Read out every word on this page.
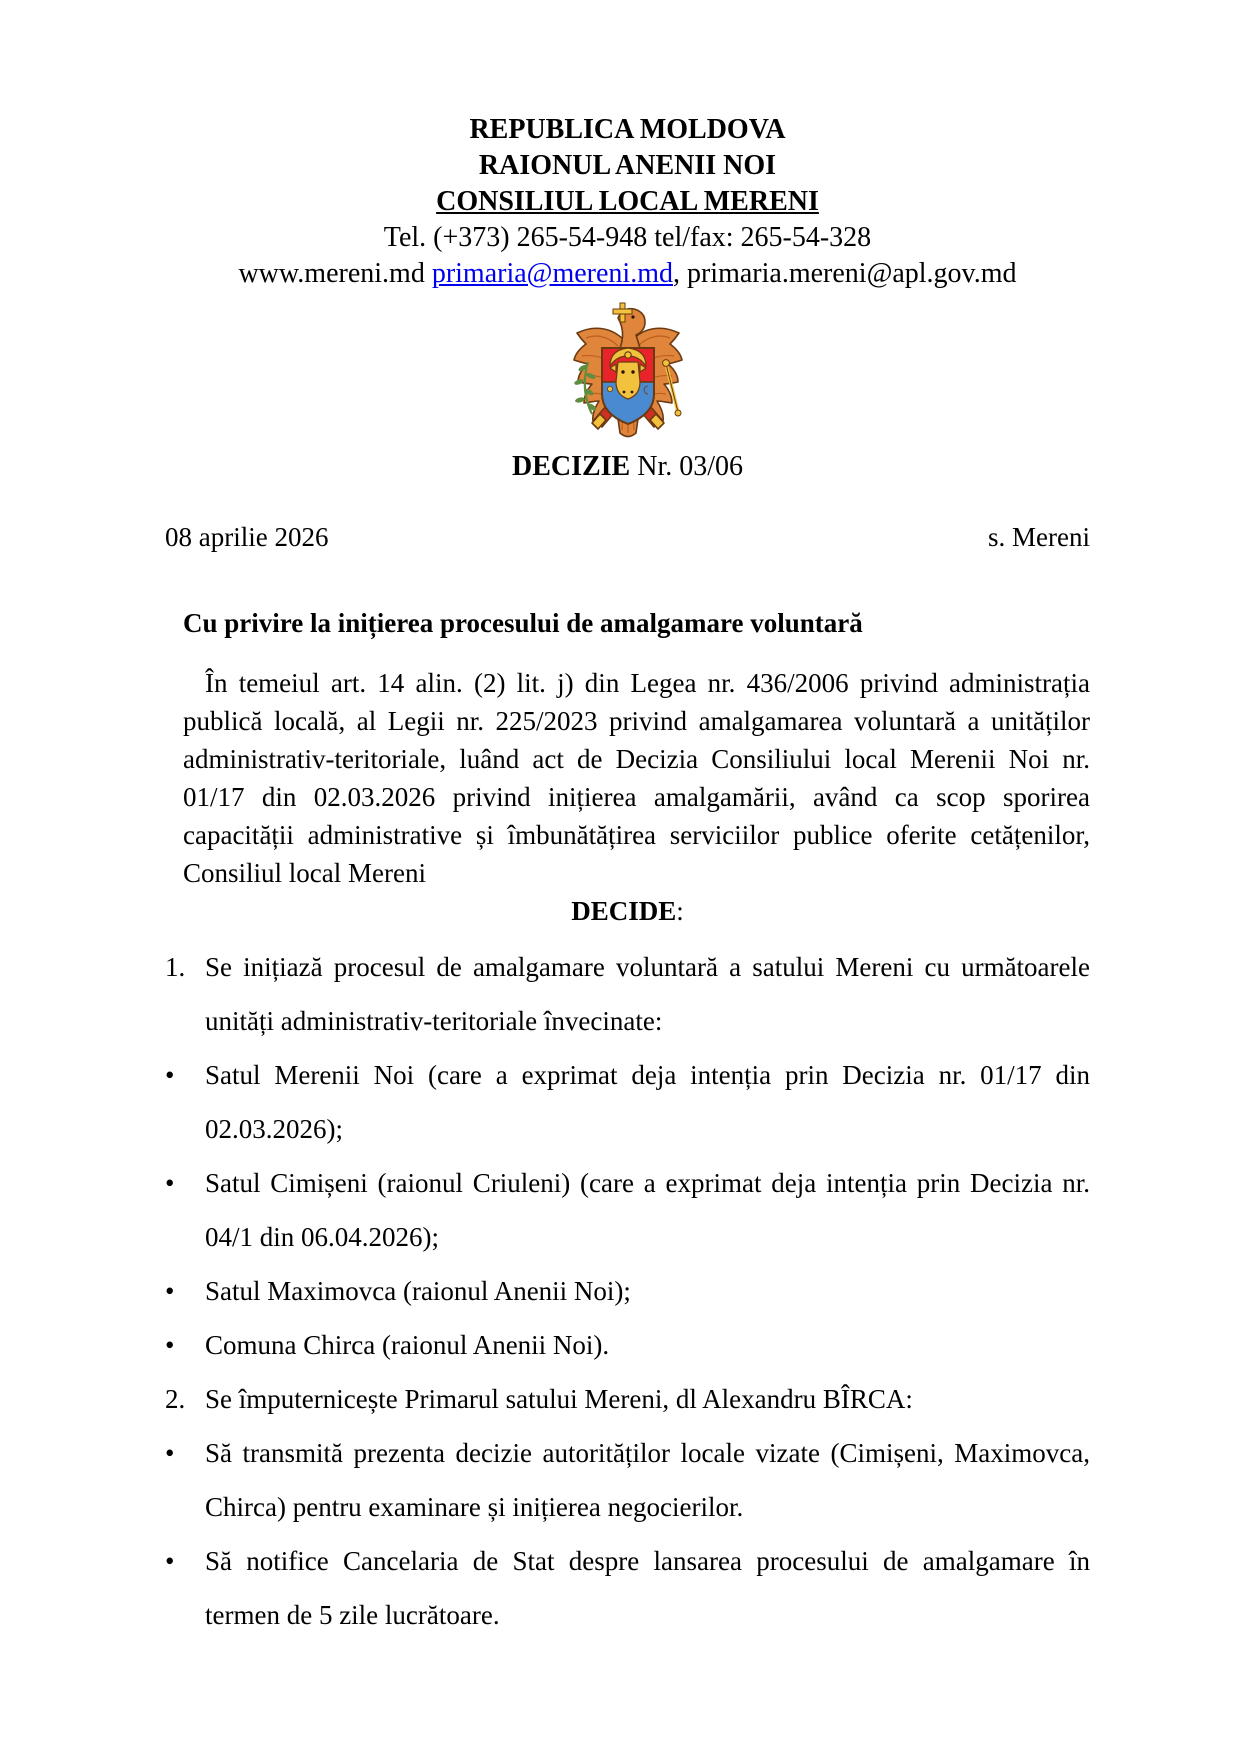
REPUBLICA MOLDOVA
RAIONUL ANENII NOI
CONSILIUL LOCAL MERENI
Tel. (+373) 265-54-948 tel/fax: 265-54-328
www.mereni.md primaria@mereni.md, primaria.mereni@apl.gov.md
DECIZIE Nr. 03/06
08 aprilie 2026	s. Mereni
Cu privire la inițierea procesului de amalgamare voluntară

În temeiul art. 14 alin. (2) lit. j) din Legea nr. 436/2006 privind administrația publică locală, al Legii nr. 225/2023 privind amalgamarea voluntară a unităților administrativ-teritoriale, luând act de Decizia Consiliului local Merenii Noi nr. 01/17 din 02.03.2026 privind inițierea amalgamării, având ca scop sporirea capacității administrative și îmbunătățirea serviciilor publice oferite cetățenilor, Consiliul local Mereni

DECIDE:
1. Se inițiază procesul de amalgamare voluntară a satului Mereni cu următoarele unități administrativ-teritoriale învecinate:
•	Satul Merenii Noi (care a exprimat deja intenția prin Decizia nr. 01/17 din 02.03.2026);
•	Satul Cimișeni (raionul Criuleni) (care a exprimat deja intenția prin Decizia nr. 04/1 din 06.04.2026);
•	Satul Maximovca (raionul Anenii Noi);
•	Comuna Chirca (raionul Anenii Noi).
2. Se împuternicește Primarul satului Mereni, dl Alexandru BÎRCA:
•	Să transmită prezenta decizie autorităților locale vizate (Cimișeni, Maximovca, Chirca) pentru examinare și inițierea negocierilor.
•	Să notifice Cancelaria de Stat despre lansarea procesului de amalgamare în termen de 5 zile lucrătoare.
